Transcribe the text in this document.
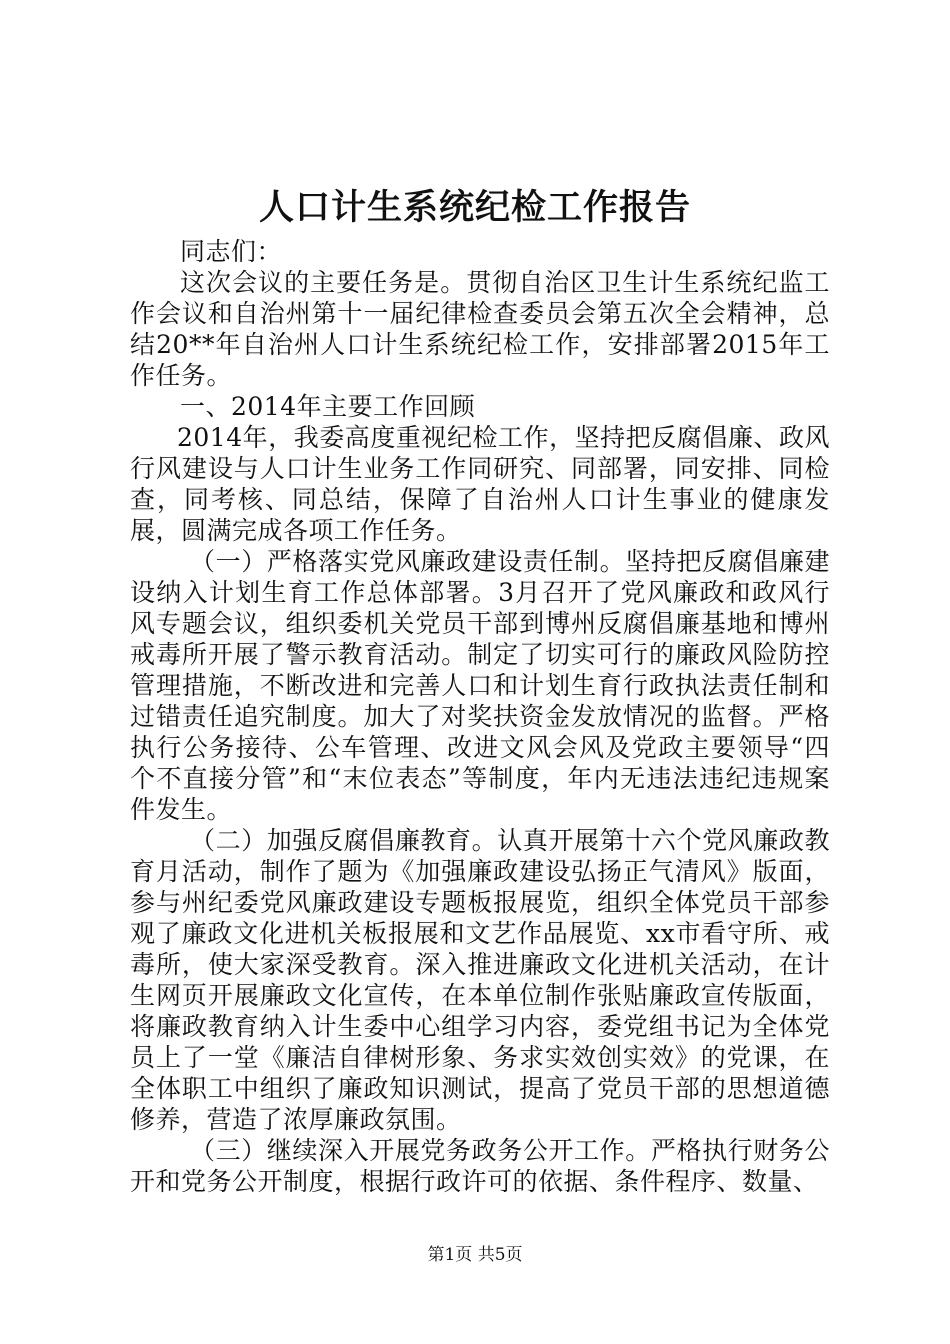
人口计生系统纪检工作报告

同志们：

这次会议的主要任务是。贯彻自治区卫生计生系统纪监工作会议和自治州第十一届纪律检查委员会第五次全会精神，总结20**年自治州人口计生系统纪检工作，安排部署2015年工作任务。

一、2014年主要工作回顾

2014年，我委高度重视纪检工作，坚持把反腐倡廉、政风行风建设与人口计生业务工作同研究、同部署，同安排、同检查，同考核、同总结，保障了自治州人口计生事业的健康发展，圆满完成各项工作任务。

（一）严格落实党风廉政建设责任制。坚持把反腐倡廉建设纳入计划生育工作总体部署。3月召开了党风廉政和政风行风专题会议，组织委机关党员干部到博州反腐倡廉基地和博州戒毒所开展了警示教育活动。制定了切实可行的廉政风险防控管理措施，不断改进和完善人口和计划生育行政执法责任制和过错责任追究制度。加大了对奖扶资金发放情况的监督。严格执行公务接待、公车管理、改进文风会风及党政主要领导“四个不直接分管”和“末位表态”等制度，年内无违法违纪违规案件发生。

（二）加强反腐倡廉教育。认真开展第十六个党风廉政教育月活动，制作了题为《加强廉政建设弘扬正气清风》版面，参与州纪委党风廉政建设专题板报展览，组织全体党员干部参观了廉政文化进机关板报展和文艺作品展览、xx市看守所、戒毒所，使大家深受教育。深入推进廉政文化进机关活动，在计生网页开展廉政文化宣传，在本单位制作张贴廉政宣传版面，将廉政教育纳入计生委中心组学习内容，委党组书记为全体党员上了一堂《廉洁自律树形象、务求实效创实效》的党课，在全体职工中组织了廉政知识测试，提高了党员干部的思想道德修养，营造了浓厚廉政氛围。

（三）继续深入开展党务政务公开工作。严格执行财务公开和党务公开制度，根据行政许可的依据、条件程序、数量、

第1页 共5页
